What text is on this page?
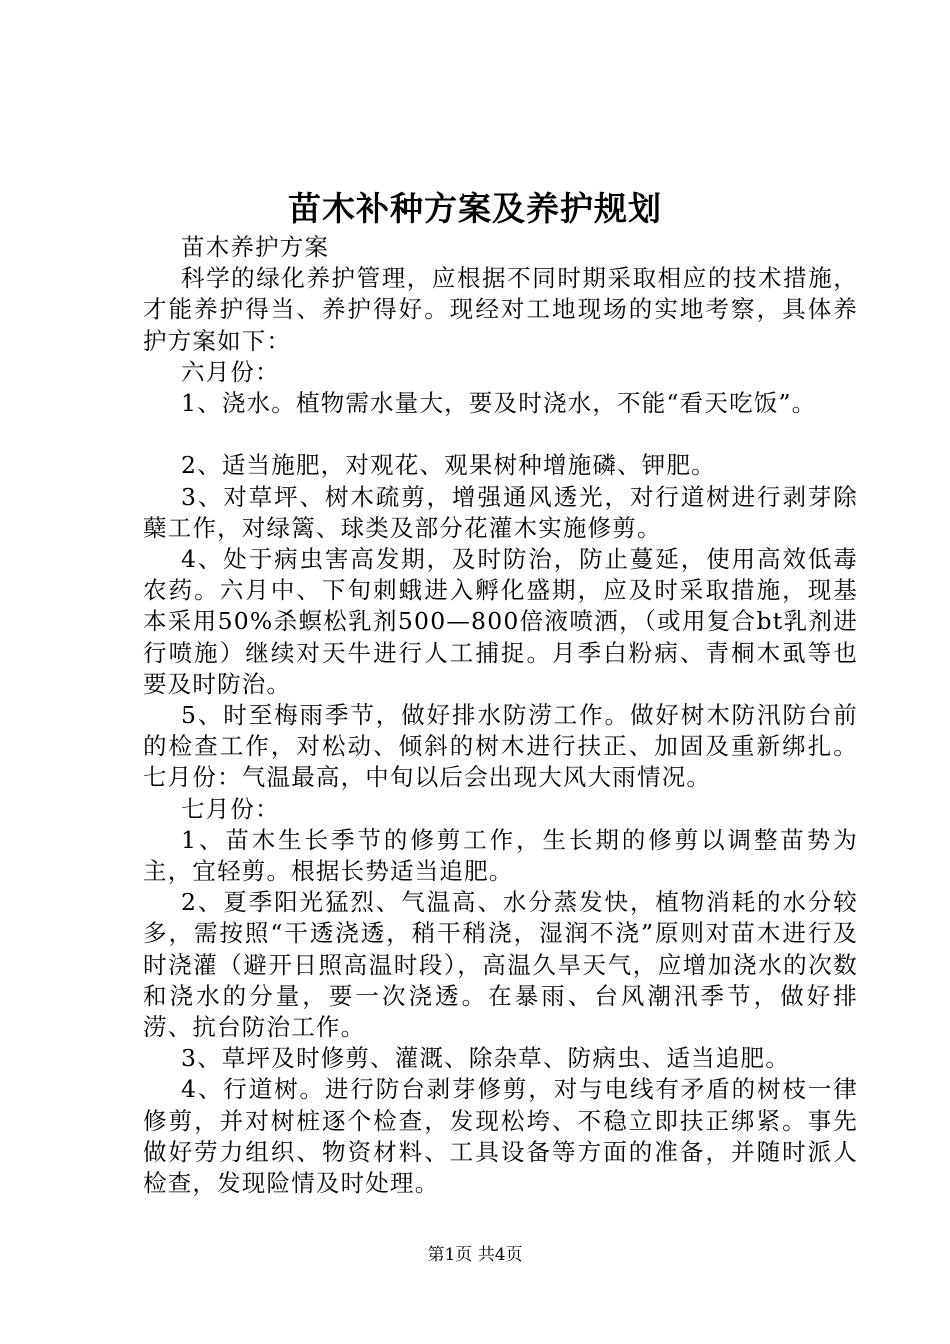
苗木补种方案及养护规划

苗木养护方案

科学的绿化养护管理，应根据不同时期采取相应的技术措施，才能养护得当、养护得好。现经对工地现场的实地考察，具体养护方案如下：

六月份：

1、浇水。植物需水量大，要及时浇水，不能“看天吃饭”。

2、适当施肥，对观花、观果树种增施磷、钾肥。

3、对草坪、树木疏剪，增强通风透光，对行道树进行剥芽除蘖工作，对绿篱、球类及部分花灌木实施修剪。

4、处于病虫害高发期，及时防治，防止蔓延，使用高效低毒农药。六月中、下旬刺蛾进入孵化盛期，应及时采取措施，现基本采用50%杀螟松乳剂500—800倍液喷洒，（或用复合bt乳剂进行喷施）继续对天牛进行人工捕捉。月季白粉病、青桐木虱等也要及时防治。

5、时至梅雨季节，做好排水防涝工作。做好树木防汛防台前的检查工作，对松动、倾斜的树木进行扶正、加固及重新绑扎。七月份：气温最高，中旬以后会出现大风大雨情况。

七月份：

1、苗木生长季节的修剪工作，生长期的修剪以调整苗势为主，宜轻剪。根据长势适当追肥。

2、夏季阳光猛烈、气温高、水分蒸发快，植物消耗的水分较多，需按照“干透浇透，稍干稍浇，湿润不浇”原则对苗木进行及时浇灌（避开日照高温时段），高温久旱天气，应增加浇水的次数和浇水的分量，要一次浇透。在暴雨、台风潮汛季节，做好排涝、抗台防治工作。

3、草坪及时修剪、灌溉、除杂草、防病虫、适当追肥。

4、行道树。进行防台剥芽修剪，对与电线有矛盾的树枝一律修剪，并对树桩逐个检查，发现松垮、不稳立即扶正绑紧。事先做好劳力组织、物资材料、工具设备等方面的准备，并随时派人检查，发现险情及时处理。

第1页 共4页
